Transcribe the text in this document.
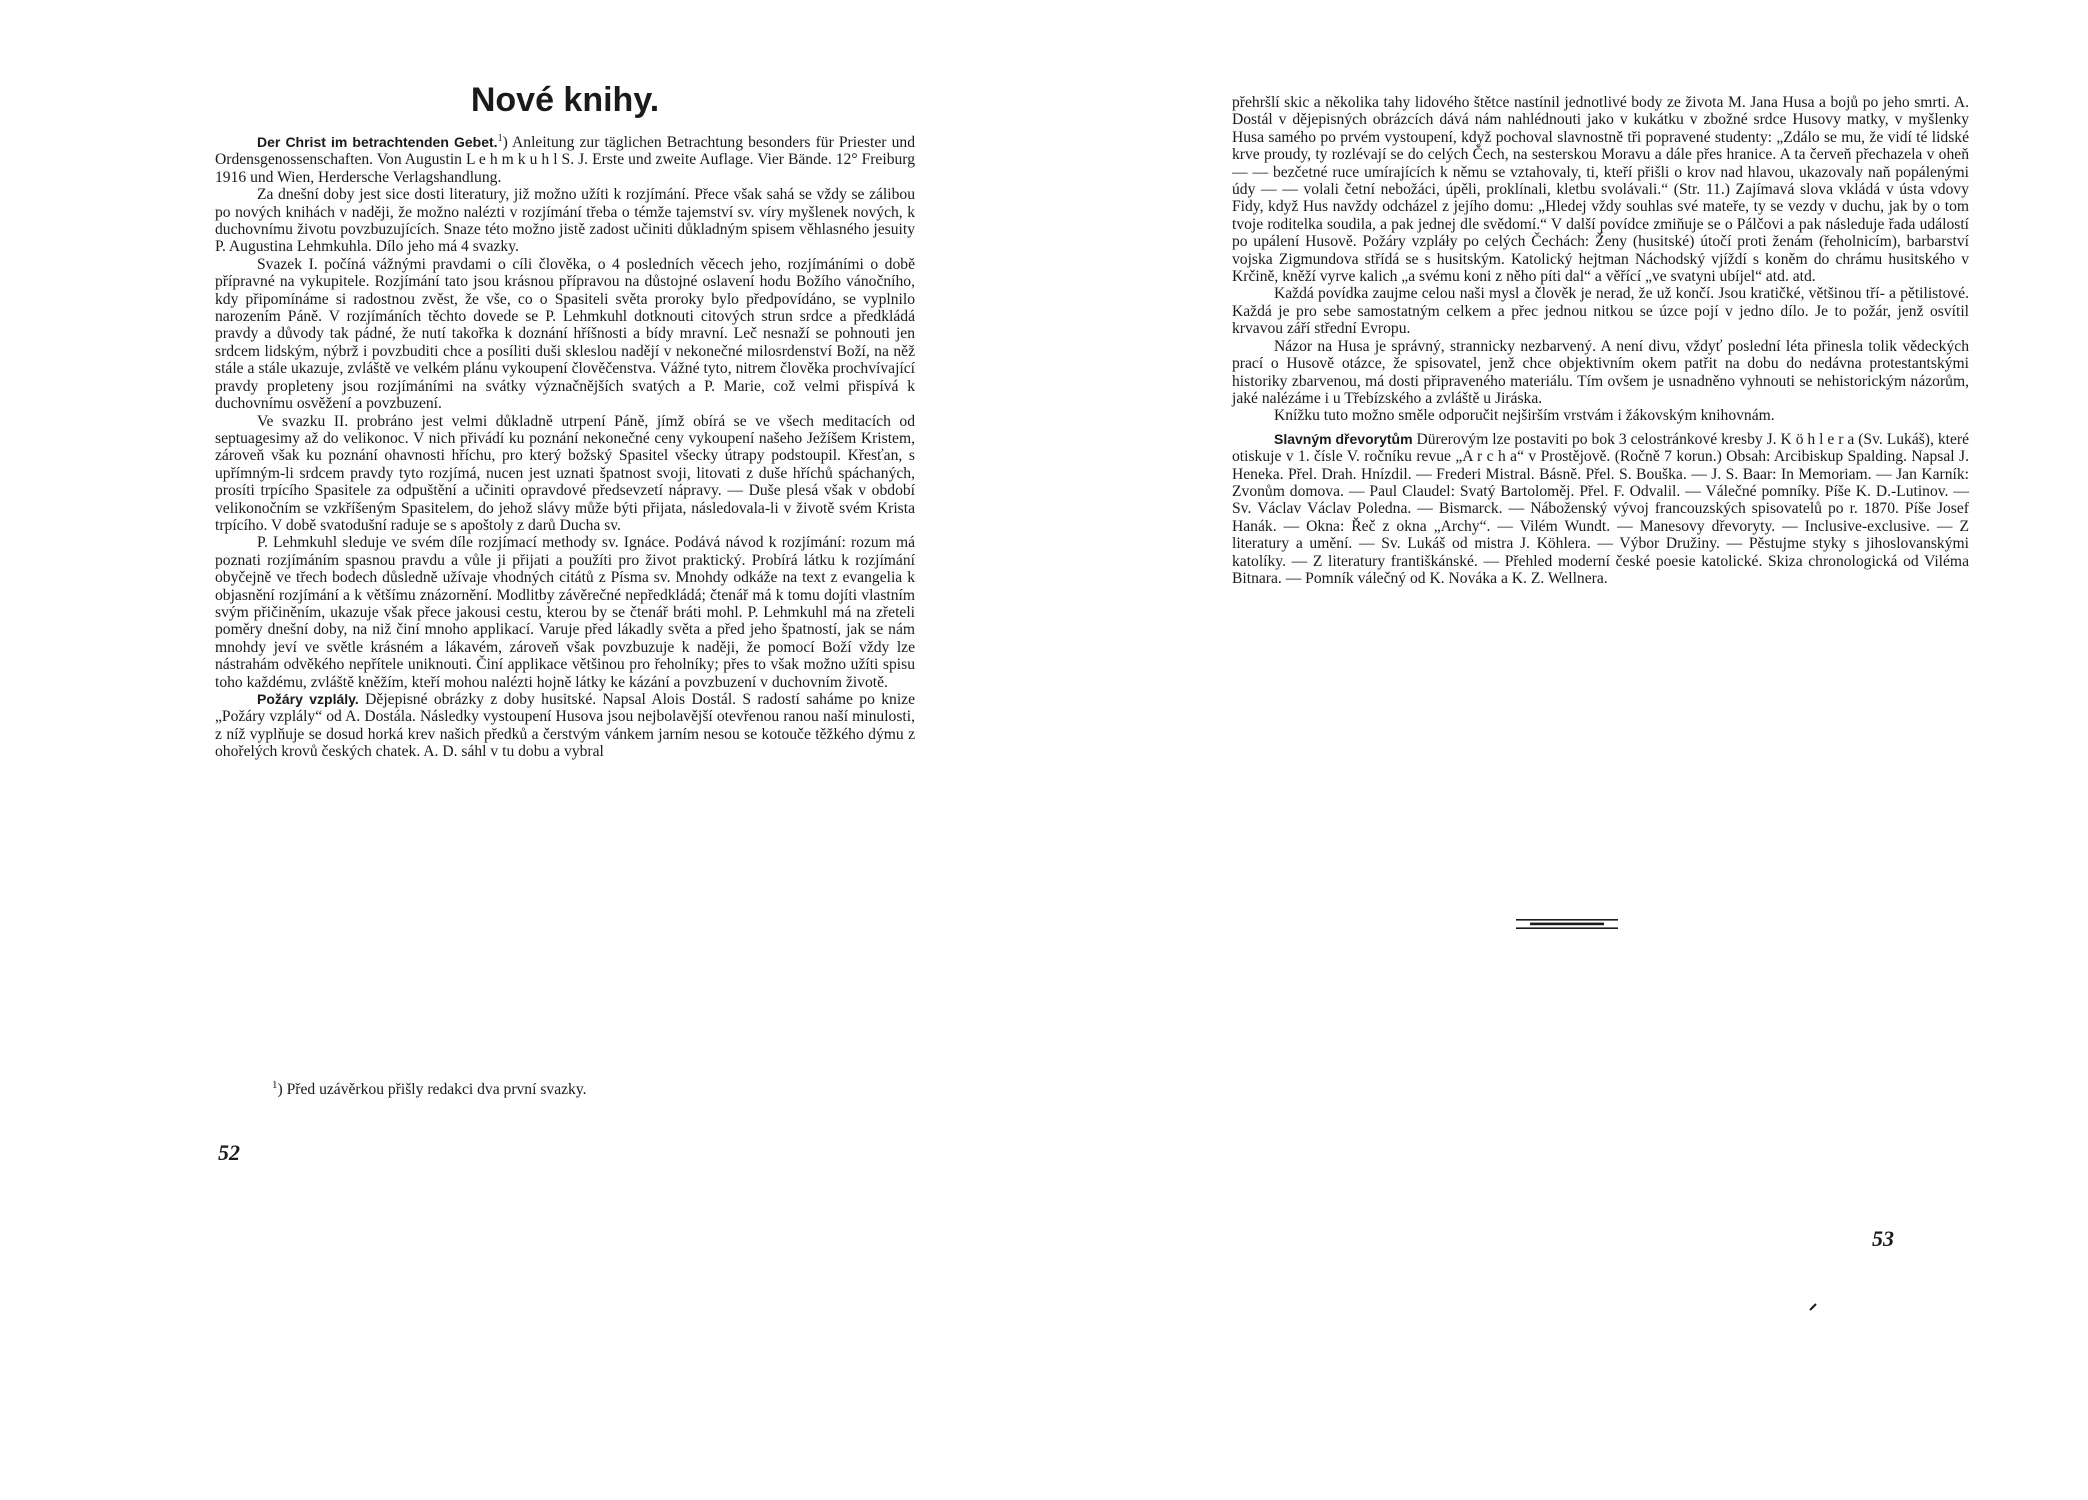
Nové knihy.

Der Christ im betrachtenden Gebet.$^1$) Anleitung zur täglichen Betrachtung besonders für Priester und Ordensgenossenschaften. Von Augustin L e h m k u h l S. J. Erste und zweite Auflage. Vier Bände. 12° Freiburg 1916 und Wien, Herdersche Verlagshandlung.

Za dnešní doby jest sice dosti literatury, již možno užíti k rozjímání. Přece však sahá se vždy se zálibou po nových knihách v naději, že možno nalézti v rozjímání třeba o témže tajemství sv. víry myšlenek nových, k duchovnímu životu povzbuzujících. Snaze této možno jistě zadost učiniti důkladným spisem věhlasného jesuity P. Augustina Lehmkuhla. Dílo jeho má 4 svazky.

Svazek I. počíná vážnými pravdami o cíli člověka, o 4 posledních věcech jeho, rozjímáními o době přípravné na vykupitele. Rozjímání tato jsou krásnou přípravou na důstojné oslavení hodu Božího vánočního, kdy připomínáme si radostnou zvěst, že vše, co o Spasiteli světa proroky bylo předpovídáno, se vyplnilo narozením Páně. V rozjímáních těchto dovede se P. Lehmkuhl dotknouti citových strun srdce a předkládá pravdy a důvody tak pádné, že nutí takořka k doznání hříšnosti a bídy mravní. Leč nesnaží se pohnouti jen srdcem lidským, nýbrž i povzbuditi chce a posíliti duši skleslou nadějí v nekonečné milosrdenství Boží, na něž stále a stále ukazuje, zvláště ve velkém plánu vykoupení člověčenstva. Vážné tyto, nitrem člověka prochvívající pravdy propleteny jsou rozjímáními na svátky význačnějších svatých a P. Marie, což velmi přispívá k duchovnímu osvěžení a povzbuzení.

Ve svazku II. probráno jest velmi důkladně utrpení Páně, jímž obírá se ve všech meditacích od septuagesimy až do velikonoc. V nich přivádí ku poznání nekonečné ceny vykoupení našeho Ježíšem Kristem, zároveň však ku poznání ohavnosti hříchu, pro který božský Spasitel všecky útrapy podstoupil. Křesťan, s upřímným-li srdcem pravdy tyto rozjímá, nucen jest uznati špatnost svoji, litovati z duše hříchů spáchaných, prosíti trpícího Spasitele za odpuštění a učiniti opravdové předsevzetí nápravy. — Duše plesá však v období velikonočním se vzkříšeným Spasitelem, do jehož slávy může býti přijata, následovala-li v životě svém Krista trpícího. V době svatodušní raduje se s apoštoly z darů Ducha sv.

P. Lehmkuhl sleduje ve svém díle rozjímací methody sv. Ignáce. Podává návod k rozjímání: rozum má poznati rozjímáním spasnou pravdu a vůle ji přijati a použíti pro život praktický. Probírá látku k rozjímání obyčejně ve třech bodech důsledně užívaje vhodných citátů z Písma sv. Mnohdy odkáže na text z evangelia k objasnění rozjímání a k většímu znázornění. Modlitby závěrečné nepředkládá; čtenář má k tomu dojíti vlastním svým přičiněním, ukazuje však přece jakousi cestu, kterou by se čtenář bráti mohl. P. Lehmkuhl má na zřeteli poměry dnešní doby, na niž činí mnoho applikací. Varuje před lákadly světa a před jeho špatností, jak se nám mnohdy jeví ve světle krásném a lákavém, zároveň však povzbuzuje k naději, že pomocí Boží vždy lze nástrahám odvěkého nepřítele uniknouti. Činí applikace většinou pro řeholníky; přes to však možno užíti spisu toho každému, zvláště kněžím, kteří mohou nalézti hojně látky ke kázání a povzbuzení v duchovním životě.

Požáry vzplály. Dějepisné obrázky z doby husitské. Napsal Alois Dostál. S radostí saháme po knize „Požáry vzplály“ od A. Dostála. Následky vystoupení Husova jsou nejbolavější otevřenou ranou naší minulosti, z níž vyplňuje se dosud horká krev našich předků a čerstvým vánkem jarním nesou se kotouče těžkého dýmu z ohořelých krovů českých chatek. A. D. sáhl v tu dobu a vybral

$^1$) Před uzávěrkou přišly redakci dva první svazky.
52

přehršlí skic a několika tahy lidového štětce nastínil jednotlivé body ze života M. Jana Husa a bojů po jeho smrti. A. Dostál v dějepisných obrázcích dává nám nahlédnouti jako v kukátku v zbožné srdce Husovy matky, v myšlenky Husa samého po prvém vystoupení, když pochoval slavnostně tři popravené studenty: „Zdálo se mu, že vidí té lidské krve proudy, ty rozlévají se do celých Čech, na sesterskou Moravu a dále přes hranice. A ta červeň přechazela v oheň — — bezčetné ruce umírajících k němu se vztahovaly, ti, kteří přišli o krov nad hlavou, ukazovaly naň popálenými údy — — volali četní nebožáci, úpěli, proklínali, kletbu svolávali.“ (Str. 11.) Zajímavá slova vkládá v ústa vdovy Fidy, když Hus navždy odcházel z jejího domu: „Hledej vždy souhlas své mateře, ty se vezdy v duchu, jak by o tom tvoje roditelka soudila, a pak jednej dle svědomí.“ V další povídce zmiňuje se o Pálčovi a pak následuje řada událostí po upálení Husově. Požáry vzpláły po celých Čechách: Ženy (husitské) útočí proti ženám (řeholnicím), barbarství vojska Zigmundova střídá se s husitským. Katolický hejtman Náchodský vjíždí s koněm do chrámu husitského v Krčině, kněží vyrve kalich „a svému koni z něho píti dal“ a věřící „ve svatyni ubíjel“ atd. atd.

Každá povídka zaujme celou naši mysl a člověk je nerad, že už končí. Jsou kratičké, většinou tří- a pětilistové. Každá je pro sebe samostatným celkem a přec jednou nitkou se úzce pojí v jedno dílo. Je to požár, jenž osvítil krvavou září střední Evropu.

Názor na Husa je správný, strannicky nezbarvený. A není divu, vždyť poslední léta přinesla tolik vědeckých prací o Husově otázce, že spisovatel, jenž chce objektivním okem patřit na dobu do nedávna protestantskými historiky zbarvenou, má dosti připraveného materiálu. Tím ovšem je usnadněno vyhnouti se nehistorickým názorům, jaké nalézáme i u Třebízského a zvláště u Jiráska.

Knížku tuto možno směle odporučit nejširším vrstvám i žákovským knihovnám.

Slavným dřevorytům Dürerovým lze postaviti po bok 3 celostránkové kresby J. K ö h l e r a (Sv. Lukáš), které otiskuje v 1. čísle V. ročníku revue „A r c h a“ v Prostějově. (Ročně 7 korun.) Obsah: Arcibiskup Spalding. Napsal J. Heneka. Přel. Drah. Hnízdil. — Frederi Mistral. Básně. Přel. S. Bouška. — J. S. Baar: In Memoriam. — Jan Karník: Zvonům domova. — Paul Claudel: Svatý Bartoloměj. Přel. F. Odvalil. — Válečné pomníky. Píše K. D.-Lutinov. — Sv. Václav Václav Poledna. — Bismarck. — Náboženský vývoj francouzských spisovatelů po r. 1870. Píše Josef Hanák. — Okna: Řeč z okna „Archy“. — Vilém Wundt. — Manesovy dřevoryty. — Inclusive-exclusive. — Z literatury a umění. — Sv. Lukáš od mistra J. Köhlera. — Výbor Družiny. — Pěstujme styky s jihoslovanskými katolíky. — Z literatury františkánské. — Přehled moderní české poesie katolické. Skiza chronologická od Viléma Bitnara. — Pomník válečný od K. Nováka a K. Z. Wellnera.

53
